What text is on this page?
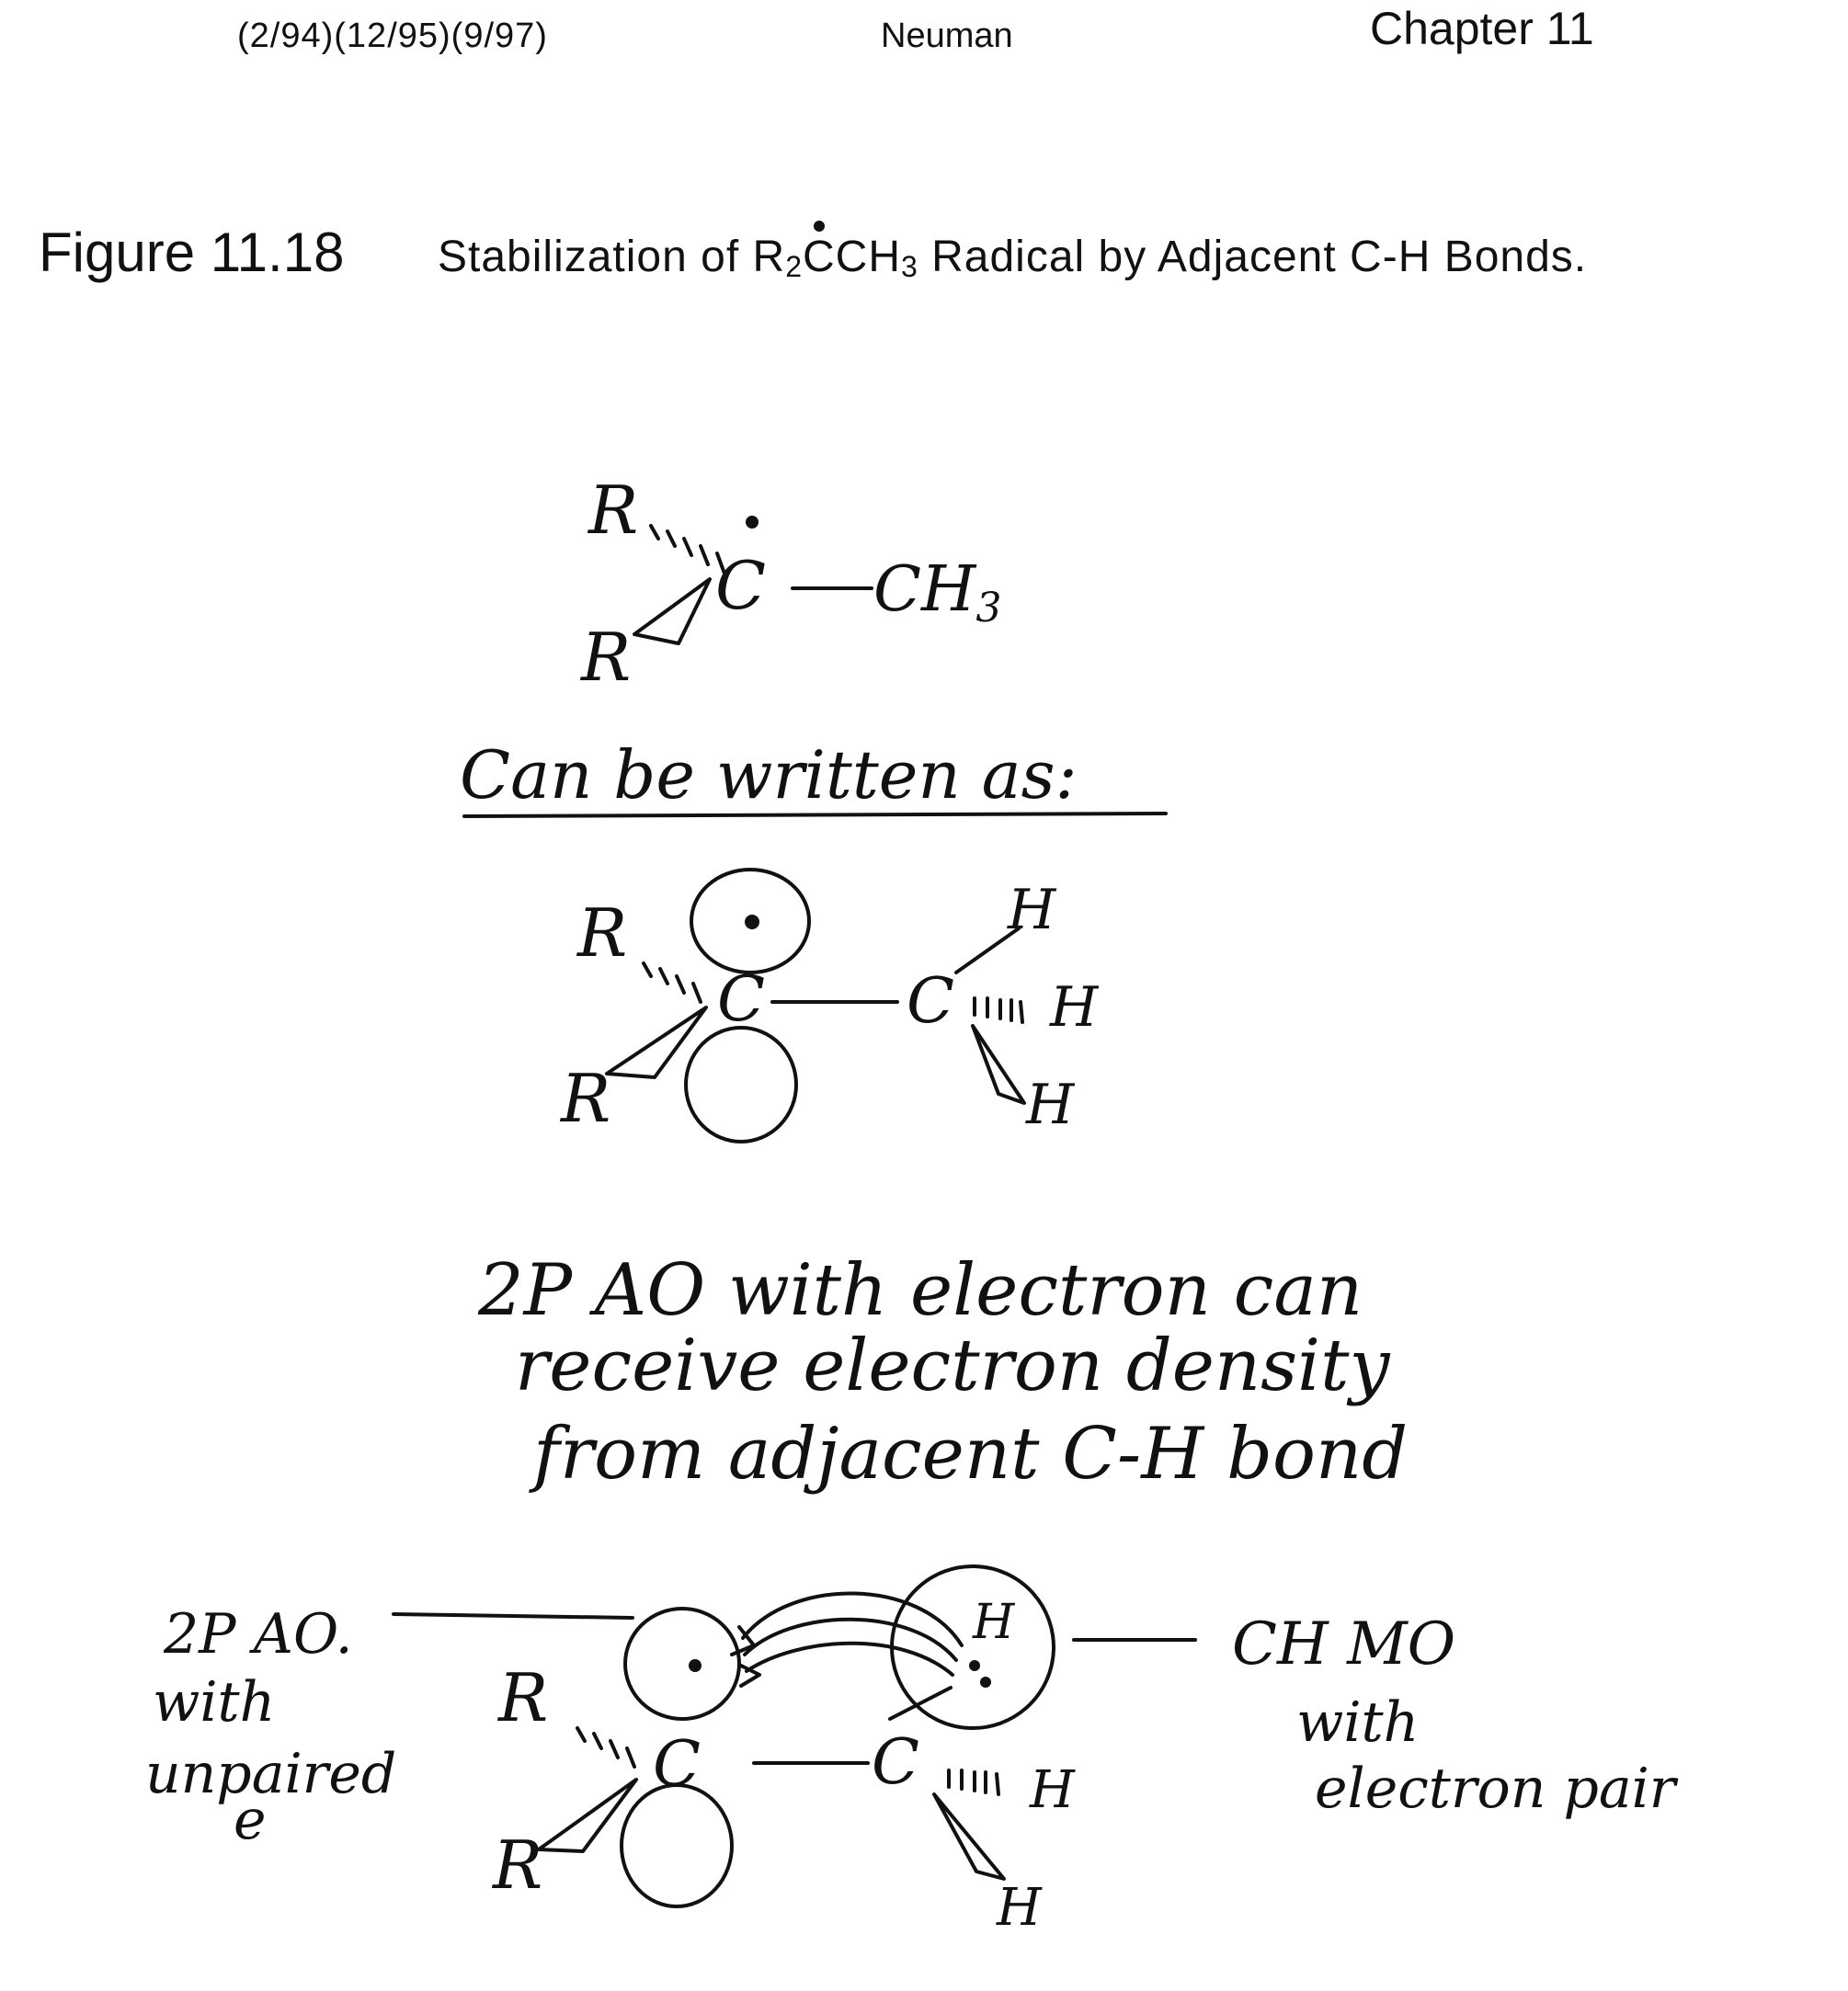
(2/94)(12/95)(9/97)	Neuman	Chapter 11
Figure 11.18 Stabilization of $R_2$
$CCH_3$ Radical by Adjacent C-H Bonds.
R
R
C CH3
Can be written as:
R
R
C C
H
H
H
2P AO with electron can
receive electron density
from adjacent C-H bond
2P AO.
with
unpaired
e
R
R
C	C
H
H
H
CH MO
with
electron pair
